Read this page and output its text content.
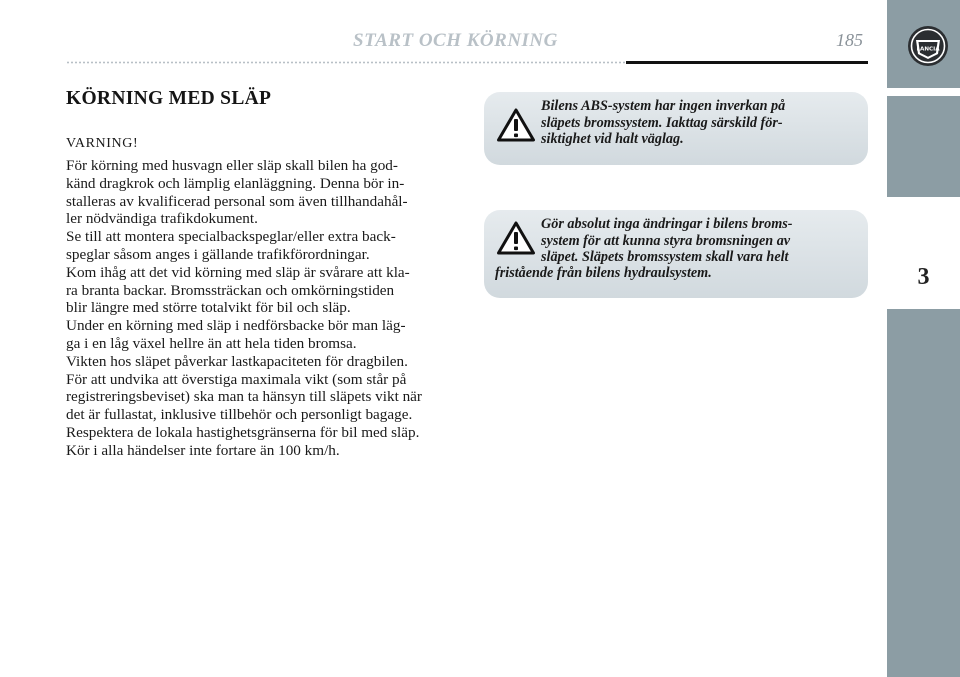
START OCH KÖRNING	185
3
LANCIA
KÖRNING MED SLÄP
VARNING!
För körning med husvagn eller släp skall bilen ha god-
känd dragkrok och lämplig elanläggning. Denna bör in-
stalleras av kvalificerad personal som även tillhandahål-
ler nödvändiga trafikdokument.
Se till att montera specialbackspeglar/eller extra back-
speglar såsom anges i gällande trafikförordningar.
Kom ihåg att det vid körning med släp är svårare att kla-
ra branta backar. Bromssträckan och omkörningstiden
blir längre med större totalvikt för bil och släp.
Under en körning med släp i nedförsbacke bör man läg-
ga i en låg växel hellre än att hela tiden bromsa.
Vikten hos släpet påverkar lastkapaciteten för dragbilen.
För att undvika att överstiga maximala vikt (som står på
registreringsbeviset) ska man ta hänsyn till släpets vikt när
det är fullastat, inklusive tillbehör och personligt bagage.
Respektera de lokala hastighetsgränserna för bil med släp.
Kör i alla händelser inte fortare än 100 km/h.
Bilens ABS-system har ingen inverkan på
släpets bromssystem. Iakttag särskild för-
siktighet vid halt väglag.
Gör absolut inga ändringar i bilens broms-
system för att kunna styra bromsningen av
släpet. Släpets bromssystem skall vara helt
fristående från bilens hydraulsystem.
